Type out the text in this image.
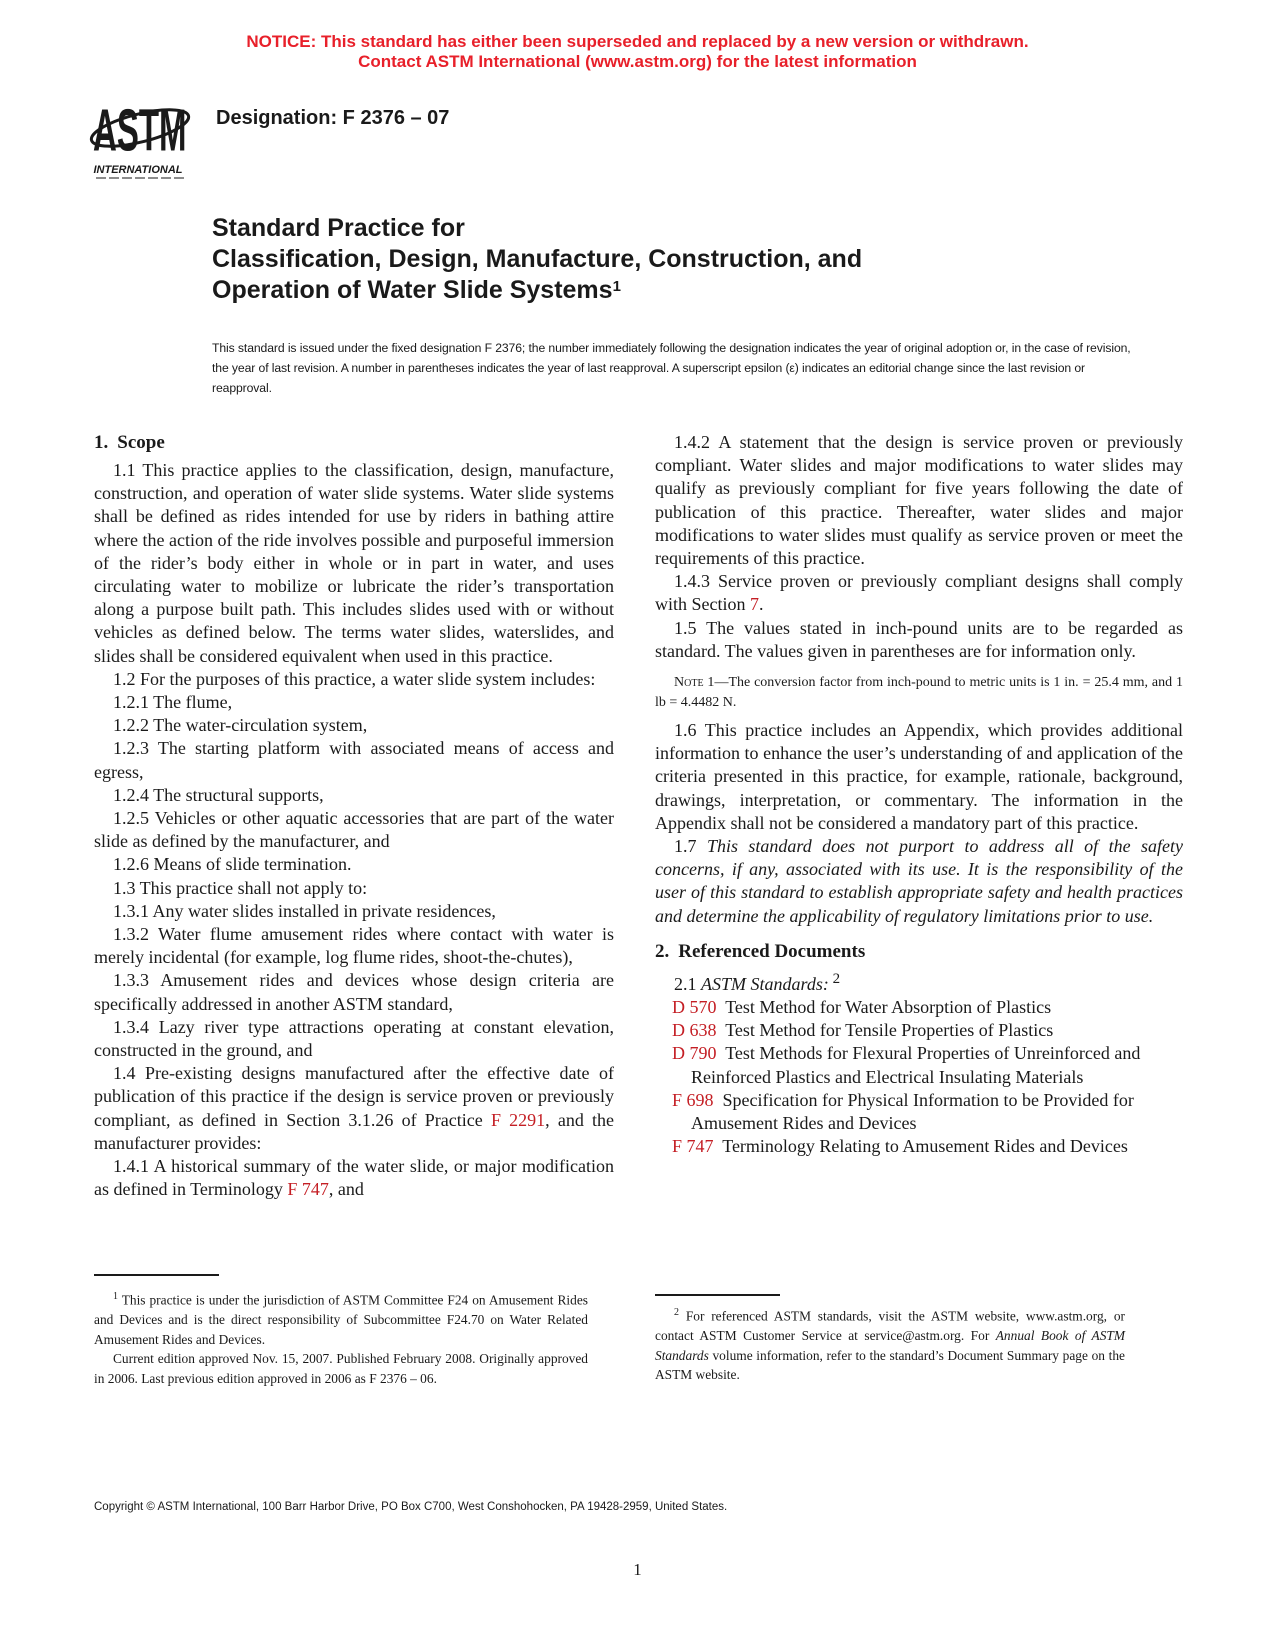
NOTICE: This standard has either been superseded and replaced by a new version or withdrawn.
Contact ASTM International (www.astm.org) for the latest information
ASTM
INTERNATIONAL
Designation: F 2376 – 07
Standard Practice for
Classification, Design, Manufacture, Construction, and
Operation of Water Slide Systems$^1$
This standard is issued under the fixed designation F 2376; the number immediately following the designation indicates the year of original adoption or, in the case of revision, the year of last revision. A number in parentheses indicates the year of last reapproval. A superscript epsilon (ε) indicates an editorial change since the last revision or reapproval.
1. Scope

1.1 This practice applies to the classification, design, manufacture, construction, and operation of water slide systems. Water slide systems shall be defined as rides intended for use by riders in bathing attire where the action of the ride involves possible and purposeful immersion of the rider’s body either in whole or in part in water, and uses circulating water to mobilize or lubricate the rider’s transportation along a purpose built path. This includes slides used with or without vehicles as defined below. The terms water slides, waterslides, and slides shall be considered equivalent when used in this practice.

1.2 For the purposes of this practice, a water slide system includes:

1.2.1 The flume,

1.2.2 The water-circulation system,

1.2.3 The starting platform with associated means of access and egress,

1.2.4 The structural supports,

1.2.5 Vehicles or other aquatic accessories that are part of the water slide as defined by the manufacturer, and

1.2.6 Means of slide termination.

1.3 This practice shall not apply to:

1.3.1 Any water slides installed in private residences,

1.3.2 Water flume amusement rides where contact with water is merely incidental (for example, log flume rides, shoot-the-chutes),

1.3.3 Amusement rides and devices whose design criteria are specifically addressed in another ASTM standard,

1.3.4 Lazy river type attractions operating at constant elevation, constructed in the ground, and

1.4 Pre-existing designs manufactured after the effective date of publication of this practice if the design is service proven or previously compliant, as defined in Section 3.1.26 of Practice F 2291, and the manufacturer provides:

1.4.1 A historical summary of the water slide, or major modification as defined in Terminology F 747, and

1.4.2 A statement that the design is service proven or previously compliant. Water slides and major modifications to water slides may qualify as previously compliant for five years following the date of publication of this practice. Thereafter, water slides and major modifications to water slides must qualify as service proven or meet the requirements of this practice.

1.4.3 Service proven or previously compliant designs shall comply with Section 7.

1.5 The values stated in inch-pound units are to be regarded as standard. The values given in parentheses are for information only.

Note 1—The conversion factor from inch-pound to metric units is 1 in. = 25.4 mm, and 1 lb = 4.4482 N.

1.6 This practice includes an Appendix, which provides additional information to enhance the user’s understanding of and application of the criteria presented in this practice, for example, rationale, background, drawings, interpretation, or commentary. The information in the Appendix shall not be considered a mandatory part of this practice.

1.7 This standard does not purport to address all of the safety concerns, if any, associated with its use. It is the responsibility of the user of this standard to establish appropriate safety and health practices and determine the applicability of regulatory limitations prior to use.

2. Referenced Documents

2.1 ASTM Standards: $^2$

D 570 Test Method for Water Absorption of Plastics
D 638 Test Method for Tensile Properties of Plastics
D 790 Test Methods for Flexural Properties of Unreinforced and Reinforced Plastics and Electrical Insulating Materials
F 698 Specification for Physical Information to be Provided for Amusement Rides and Devices
F 747 Terminology Relating to Amusement Rides and Devices

$^1$ This practice is under the jurisdiction of ASTM Committee F24 on Amusement Rides and Devices and is the direct responsibility of Subcommittee F24.70 on Water Related Amusement Rides and Devices.

Current edition approved Nov. 15, 2007. Published February 2008. Originally approved in 2006. Last previous edition approved in 2006 as F 2376 – 06.

$^2$ For referenced ASTM standards, visit the ASTM website, www.astm.org, or contact ASTM Customer Service at service@astm.org. For Annual Book of ASTM Standards volume information, refer to the standard’s Document Summary page on the ASTM website.

Copyright © ASTM International, 100 Barr Harbor Drive, PO Box C700, West Conshohocken, PA 19428-2959, United States.
1
